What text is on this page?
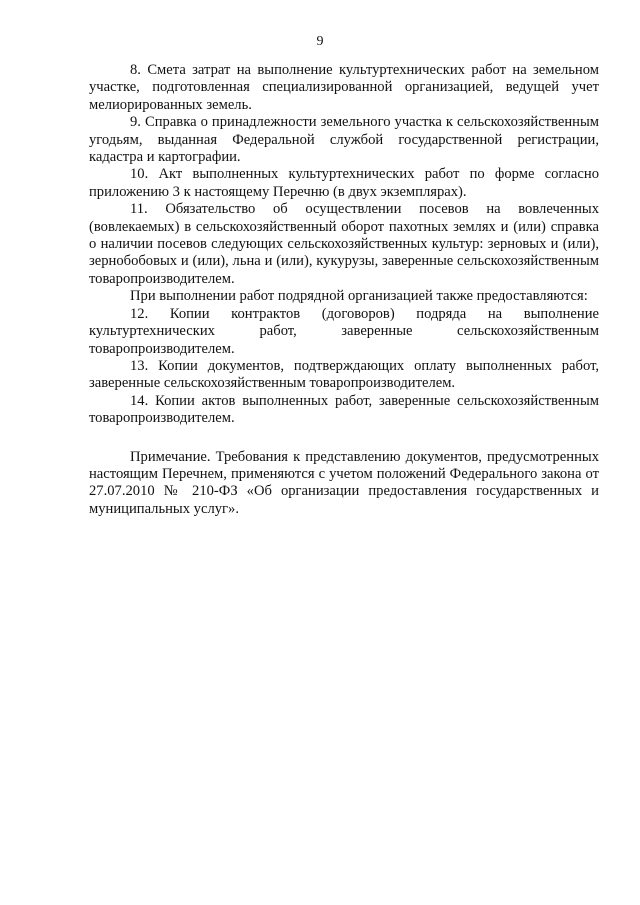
9

8. Смета затрат на выполнение культуртехнических работ на земельном участке, подготовленная специализированной организацией, ведущей учет мелиорированных земель.

9. Справка о принадлежности земельного участка к сельскохозяйственным угодьям, выданная Федеральной службой государственной регистрации, кадастра и картографии.

10. Акт выполненных культуртехнических работ по форме согласно приложению 3 к настоящему Перечню (в двух экземплярах).

11. Обязательство об осуществлении посевов на вовлеченных (вовлекаемых) в сельскохозяйственный оборот пахотных землях и (или) справка о наличии посевов следующих сельскохозяйственных культур: зерновых и (или), зернобобовых и (или), льна и (или), кукурузы, заверенные сельскохозяйственным товаропроизводителем.

При выполнении работ подрядной организацией также предоставляются:

12. Копии контрактов (договоров) подряда на выполнение культуртехнических работ, заверенные сельскохозяйственным товаропроизводителем.

13. Копии документов, подтверждающих оплату выполненных работ, заверенные сельскохозяйственным товаропроизводителем.

14. Копии актов выполненных работ, заверенные сельскохозяйственным товаропроизводителем.

Примечание. Требования к представлению документов, предусмотренных настоящим Перечнем, применяются с учетом положений Федерального закона от 27.07.2010 № 210-ФЗ «Об организации предоставления государственных и муниципальных услуг».
